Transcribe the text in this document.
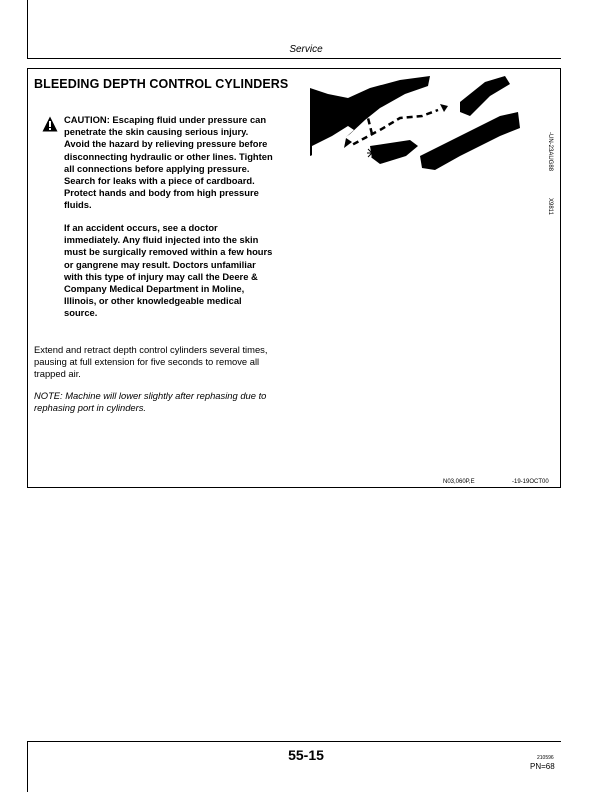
Service
BLEEDING DEPTH CONTROL CYLINDERS
CAUTION: Escaping fluid under pressure can
penetrate the skin causing serious injury.
Avoid the hazard by relieving pressure before
disconnecting hydraulic or other lines. Tighten
all connections before applying pressure.
Search for leaks with a piece of cardboard.
Protect hands and body from high pressure
fluids.
If an accident occurs, see a doctor
immediately. Any fluid injected into the skin
must be surgically removed within a few hours
or gangrene may result. Doctors unfamiliar
with this type of injury may call the Deere &
Company Medical Department in Moline,
Illinois, or other knowledgeable medical
source.
Extend and retract depth control cylinders several times,
pausing at full extension for five seconds to remove all
trapped air.
NOTE: Machine will lower slightly after rephasing due to
rephasing port in cylinders.
-UN-23AUG88
X9811
N03,060P,E	-19-19OCT00
55-15	210596
PN=68
